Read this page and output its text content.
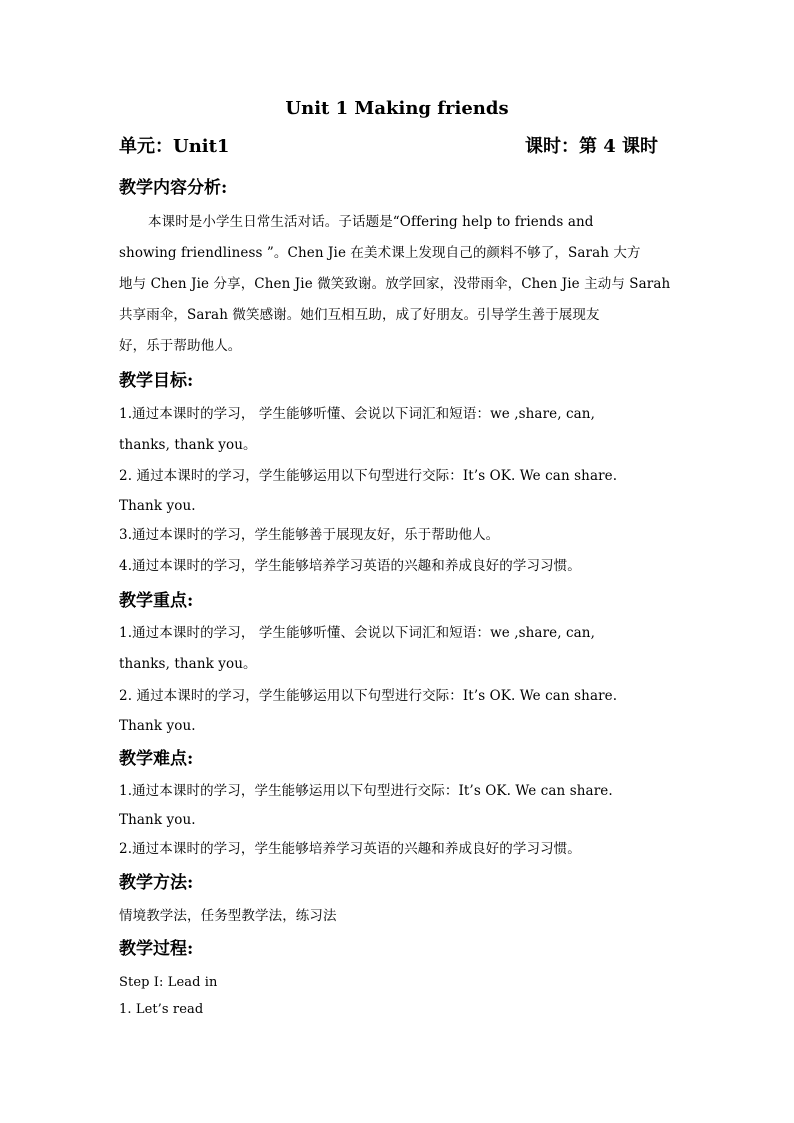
Unit 1 Making friends
单元：Unit1	课时：第 4 课时
教学内容分析:
本课时是小学生日常生活对话。子话题是“Offering help to friends and
showing friendliness ”。Chen Jie 在美术课上发现自己的颜料不够了，Sarah 大方
地与 Chen Jie 分享，Chen Jie 微笑致谢。放学回家，没带雨伞，Chen Jie 主动与 Sarah
共享雨伞，Sarah 微笑感谢。她们互相互助，成了好朋友。引导学生善于展现友
好，乐于帮助他人。
教学目标:
1.通过本课时的学习， 学生能够听懂、会说以下词汇和短语：we ,share, can,
thanks, thank you。
2. 通过本课时的学习，学生能够运用以下句型进行交际：It’s OK. We can share.
Thank you.
3.通过本课时的学习，学生能够善于展现友好，乐于帮助他人。
4.通过本课时的学习，学生能够培养学习英语的兴趣和养成良好的学习习惯。
教学重点:
1.通过本课时的学习， 学生能够听懂、会说以下词汇和短语：we ,share, can,
thanks, thank you。
2. 通过本课时的学习，学生能够运用以下句型进行交际：It’s OK. We can share.
Thank you.
教学难点:
1.通过本课时的学习，学生能够运用以下句型进行交际：It’s OK. We can share.
Thank you.
2.通过本课时的学习，学生能够培养学习英语的兴趣和养成良好的学习习惯。
教学方法:
情境教学法，任务型教学法，练习法
教学过程:
Step I: Lead in
1. Let’s read
